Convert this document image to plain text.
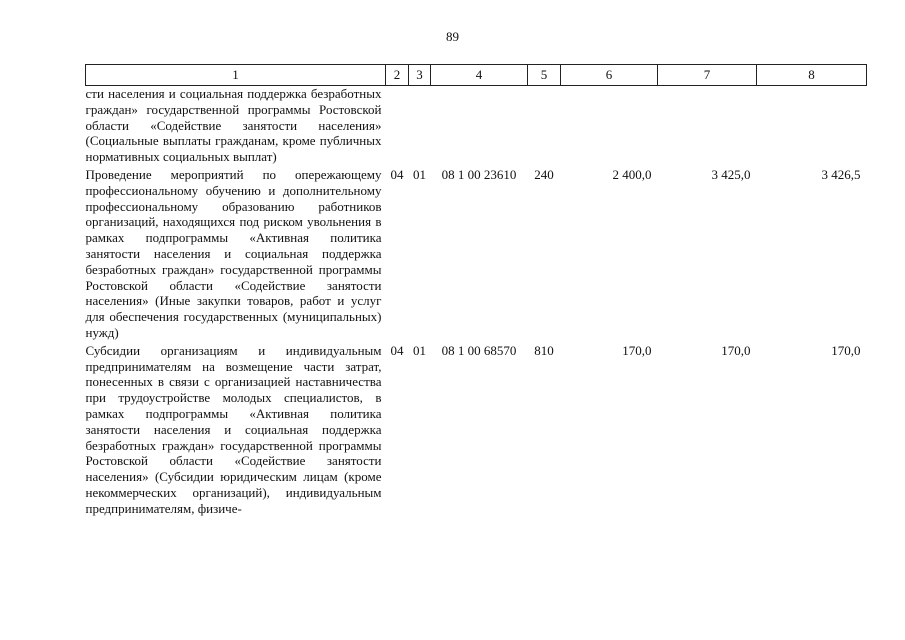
89
1	2	3	4	5	6	7	8
сти населения и социальная поддержка безработных граждан» государственной программы Ростовской области «Содействие занятости населения» (Социальные выплаты гражданам, кроме публичных нормативных социальных выплат)							
Проведение мероприятий по опережающему профессиональному обучению и дополнительному профессиональному образованию работников организаций, находящихся под риском увольнения в рамках подпрограммы «Активная политика занятости населения и социальная поддержка безработных граждан» государственной программы Ростовской области «Содействие занятости населения» (Иные закупки товаров, работ и услуг для обеспечения государственных (муниципальных) нужд)	04	01	08 1 00 23610	240	2 400,0	3 425,0	3 426,5
Субсидии организациям и индивидуальным предпринимателям на возмещение части затрат, понесенных в связи с организацией наставничества при трудоустройстве молодых специалистов, в рамках подпрограммы «Активная политика занятости населения и социальная поддержка безработных граждан» государственной программы Ростовской области «Содействие занятости населения» (Субсидии юридическим лицам (кроме некоммерческих организаций), индивидуальным предпринимателям, физиче-	04	01	08 1 00 68570	810	170,0	170,0	170,0
